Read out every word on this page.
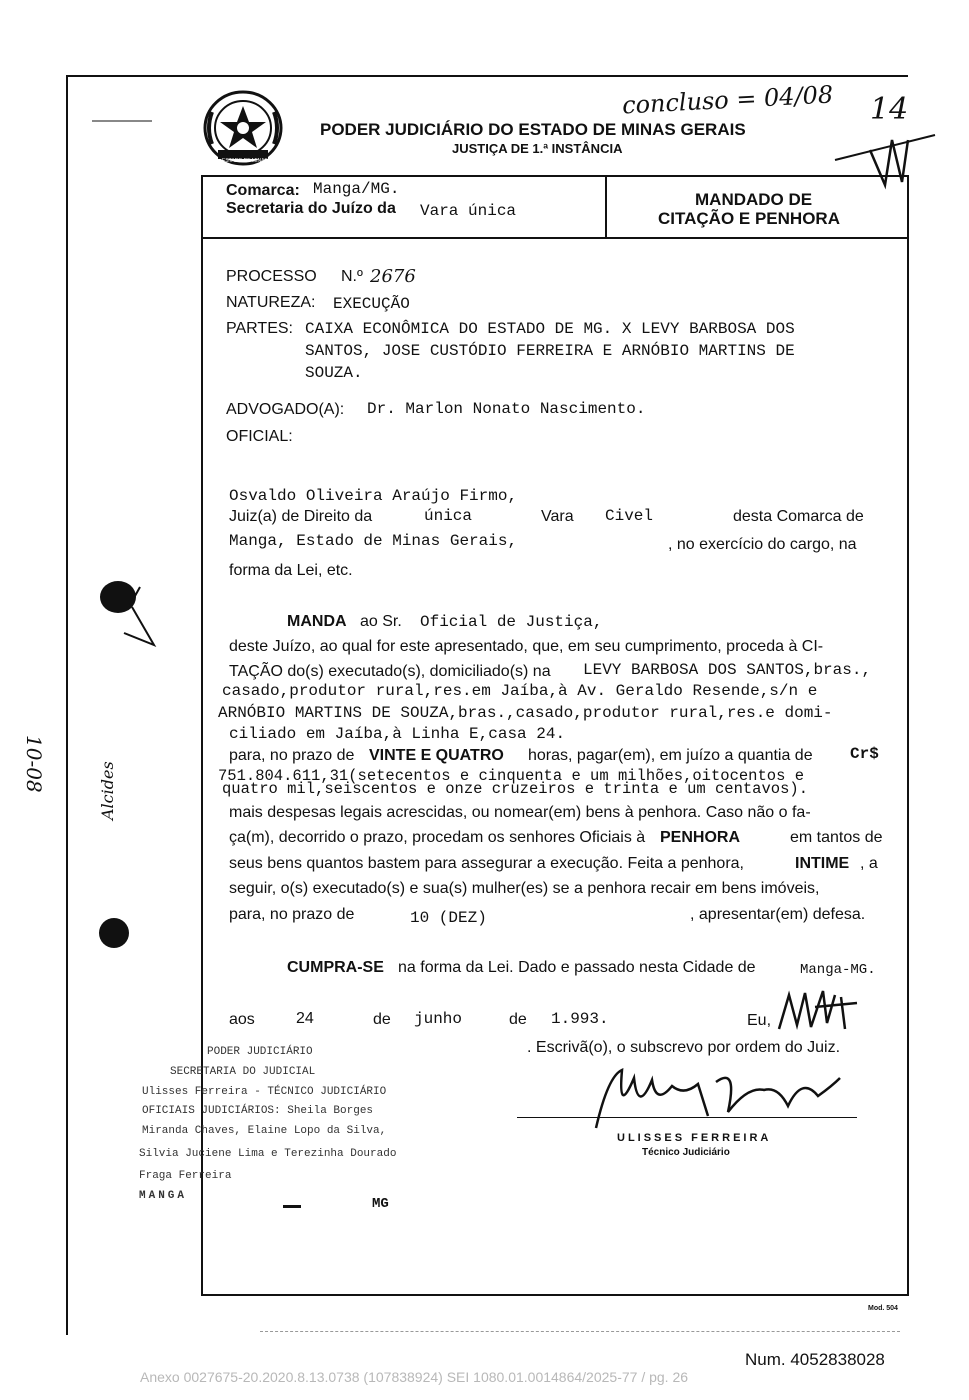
ESTADO DE MINAS GERAIS
PODER JUDICIÁRIO DO ESTADO DE MINAS GERAIS
JUSTIÇA DE 1.ª INSTÂNCIA
concluso = 04/08 14
Comarca: Manga/MG.
Secretaria do Juízo da Vara única
MANDADO DE
CITAÇÃO E PENHORA
PROCESSO N.º 2676
NATUREZA: EXECUÇÃO
PARTES: CAIXA ECONÔMICA DO ESTADO DE MG. X LEVY BARBOSA DOS
SANTOS, JOSE CUSTÓDIO FERREIRA E ARNÓBIO MARTINS DE
SOUZA.
ADVOGADO(A): Dr. Marlon Nonato Nascimento.
OFICIAL:
Osvaldo Oliveira Araújo Firmo,
Juiz(a) de Direito da	única	Vara Civel	desta Comarca de
Manga, Estado de Minas Gerais,	, no exercício do cargo, na
forma da Lei, etc.
MANDA ao Sr. Oficial de Justiça,
deste Juízo, ao qual for este apresentado, que, em seu cumprimento, proceda à CI-
TAÇÃO do(s) executado(s), domiciliado(s) na LEVY BARBOSA DOS SANTOS,bras.,
casado,produtor rural,res.em Jaíba,à Av. Geraldo Resende,s/n e
ARNÓBIO MARTINS DE SOUZA,bras.,casado,produtor rural,res.e domi-
ciliado em Jaíba,à Linha E,casa 24.
para, no prazo de VINTE E QUATRO horas, pagar(em), em juízo a quantia de Cr$
751.804.611,31(setecentos e cinquenta e um milhões,oitocentos e
quatro mil,seiscentos e onze cruzeiros e trinta e um centavos).
mais despesas legais acrescidas, ou nomear(em) bens à penhora. Caso não o fa-
ça(m), decorrido o prazo, procedam os senhores Oficiais à PENHORA	em tantos de
seus bens quantos bastem para assegurar a execução. Feita a penhora,	INTIME , a
seguir, o(s) executado(s) e sua(s) mulher(es) se a penhora recair em bens imóveis,
para, no prazo de	10 (DEZ)	, apresentar(em) defesa.
CUMPRA-SE na forma da Lei. Dado e passado nesta Cidade de	Manga-MG.
aos	24	de junho	de 1.993.	Eu,
. Escrivã(o), o subscrevo por ordem do Juiz.
PODER JUDICIÁRIO
SECRETARIA DO JUDICIAL
Ulisses Ferreira - TÉCNICO JUDICIÁRIO
OFICIAIS JUDICIÁRIOS: Sheila Borges
Miranda Chaves, Elaine Lopo da Silva,
Silvia Juciene Lima e Terezinha Dourado
Fraga Ferreira
MANGA	MG
ULISSES FERREIRA
Técnico Judiciário
10-08	Alcides
Mod. 504
Num. 4052838028
Anexo 0027675-20.2020.8.13.0738 (107838924) SEI 1080.01.0014864/2025-77 / pg. 26
